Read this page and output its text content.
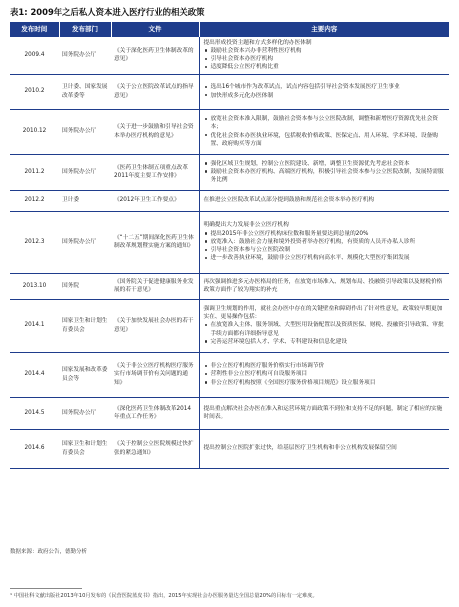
表1: 2009年之后私人资本进入医疗行业的相关政策
发布时间	发布部门	文件	主要内容
2009.4	国务院办公厅	《关于深化医药卫生体制改革的意见》	提出形成投资主题和方式多样化的办医体制
鼓励社会资本兴办非营利性医疗机构
引导社会资本办医疗机构
适度降低公立医疗机构比重

2010.2	卫计委、国家发展改革委等	《关于公立医院改革试点的指导意见》	选出16个城市作为改革试点，试点内容包括引导社会资本发展医疗卫生事业
加快形成多元化办医体制

2010.12	国务院办公厅	《关于进一步鼓励和引导社会资本举办医疗机构的意见》	放宽社会资本准入限制，鼓励社会资本参与公立医院改制，调整和新增医疗资源优先社会资本；
优化社会资本办医执业环境，包括税收价格政策、医保定点、用人环境、学术环境、设备购置、政府购买等方面

2011.2	国务院办公厅	《医药卫生体制五项重点改革2011年度主要工作安排》	强化区域卫生规划，控制公立医院建设、新增，调整卫生资源优先考虑社会资本
鼓励社会资本办医疗机构、高端医疗机构，积极引导社会资本参与公立医院改制，发展特需服务比例

2012.2	卫计委	《2012年卫生工作要点》	在推进公立医院改革试点部分提到鼓励和规范社会资本举办医疗机构

2012.3	国务院办公厅	《“十二五”期间深化医药卫生体制改革规划暨实施方案的通知》	明确提出大力发展非公立医疗机构
提出2015年非公立医疗机构床位数和服务量要达到总量的20%
放宽准入：鼓励社会力量和境外投资者举办医疗机构，有资质的人员开办私人诊所
引导社会资本参与公立医院改制
进一步改善执业环境，鼓励非公立医疗机构向高水平、规模化大型医疗集团发展

2013.10	国务院	《国务院关于促进健康服务业发展的若干意见》	再次强调推进多元办医格局的任务，在放宽市场准入、规划布局、投融资引导政策以及财税价格政策方面作了较为翔实的补充

2014.1	国家卫生和计划生育委员会	《关于加快发展社会办医的若干意见》	强调卫生规划的作用，就社会办医中存在的关键壁垒和障碍作出了针对性意见，政策较早期更加实在、更易操作包括：
在放宽准入主体、服务领域、大型医用设备配置以及资质医保、财税、投融资引导政策、审批手续方面都有详细指导意见
完善运营环境包括人才、学术、专科建设和信息化建设

2014.4	国家发展和改革委员会等	《关于非公立医疗机构医疗服务实行市场调节价有关问题的通知》	非公立医疗机构医疗服务价格实行市场调节价
营利性非公立医疗机构可自设服务项目
非公立医疗机构按照《全国医疗服务价格项目规范》设立服务项目

2014.5	国务院办公厅	《深化医药卫生体制改革2014年重点工作任务》	提出重点解决社会办医在准入和运营环境方面政策不到位和支持不足的问题，制定了相应的实施时间表。

2014.6	国家卫生和计划生育委员会	《关于控制公立医院规模过快扩张的紧急通知》	提出控制公立医院扩张过快，给基层医疗卫生机构和非公立机构发展保留空间
数据来源：政府公告，德勤分析
¹ 中国社科文献出版社2013年10月发布的《民营医院蓝皮书》指出，2015年实现社会办医服务量达全国总量20%的目标有一定难度。
